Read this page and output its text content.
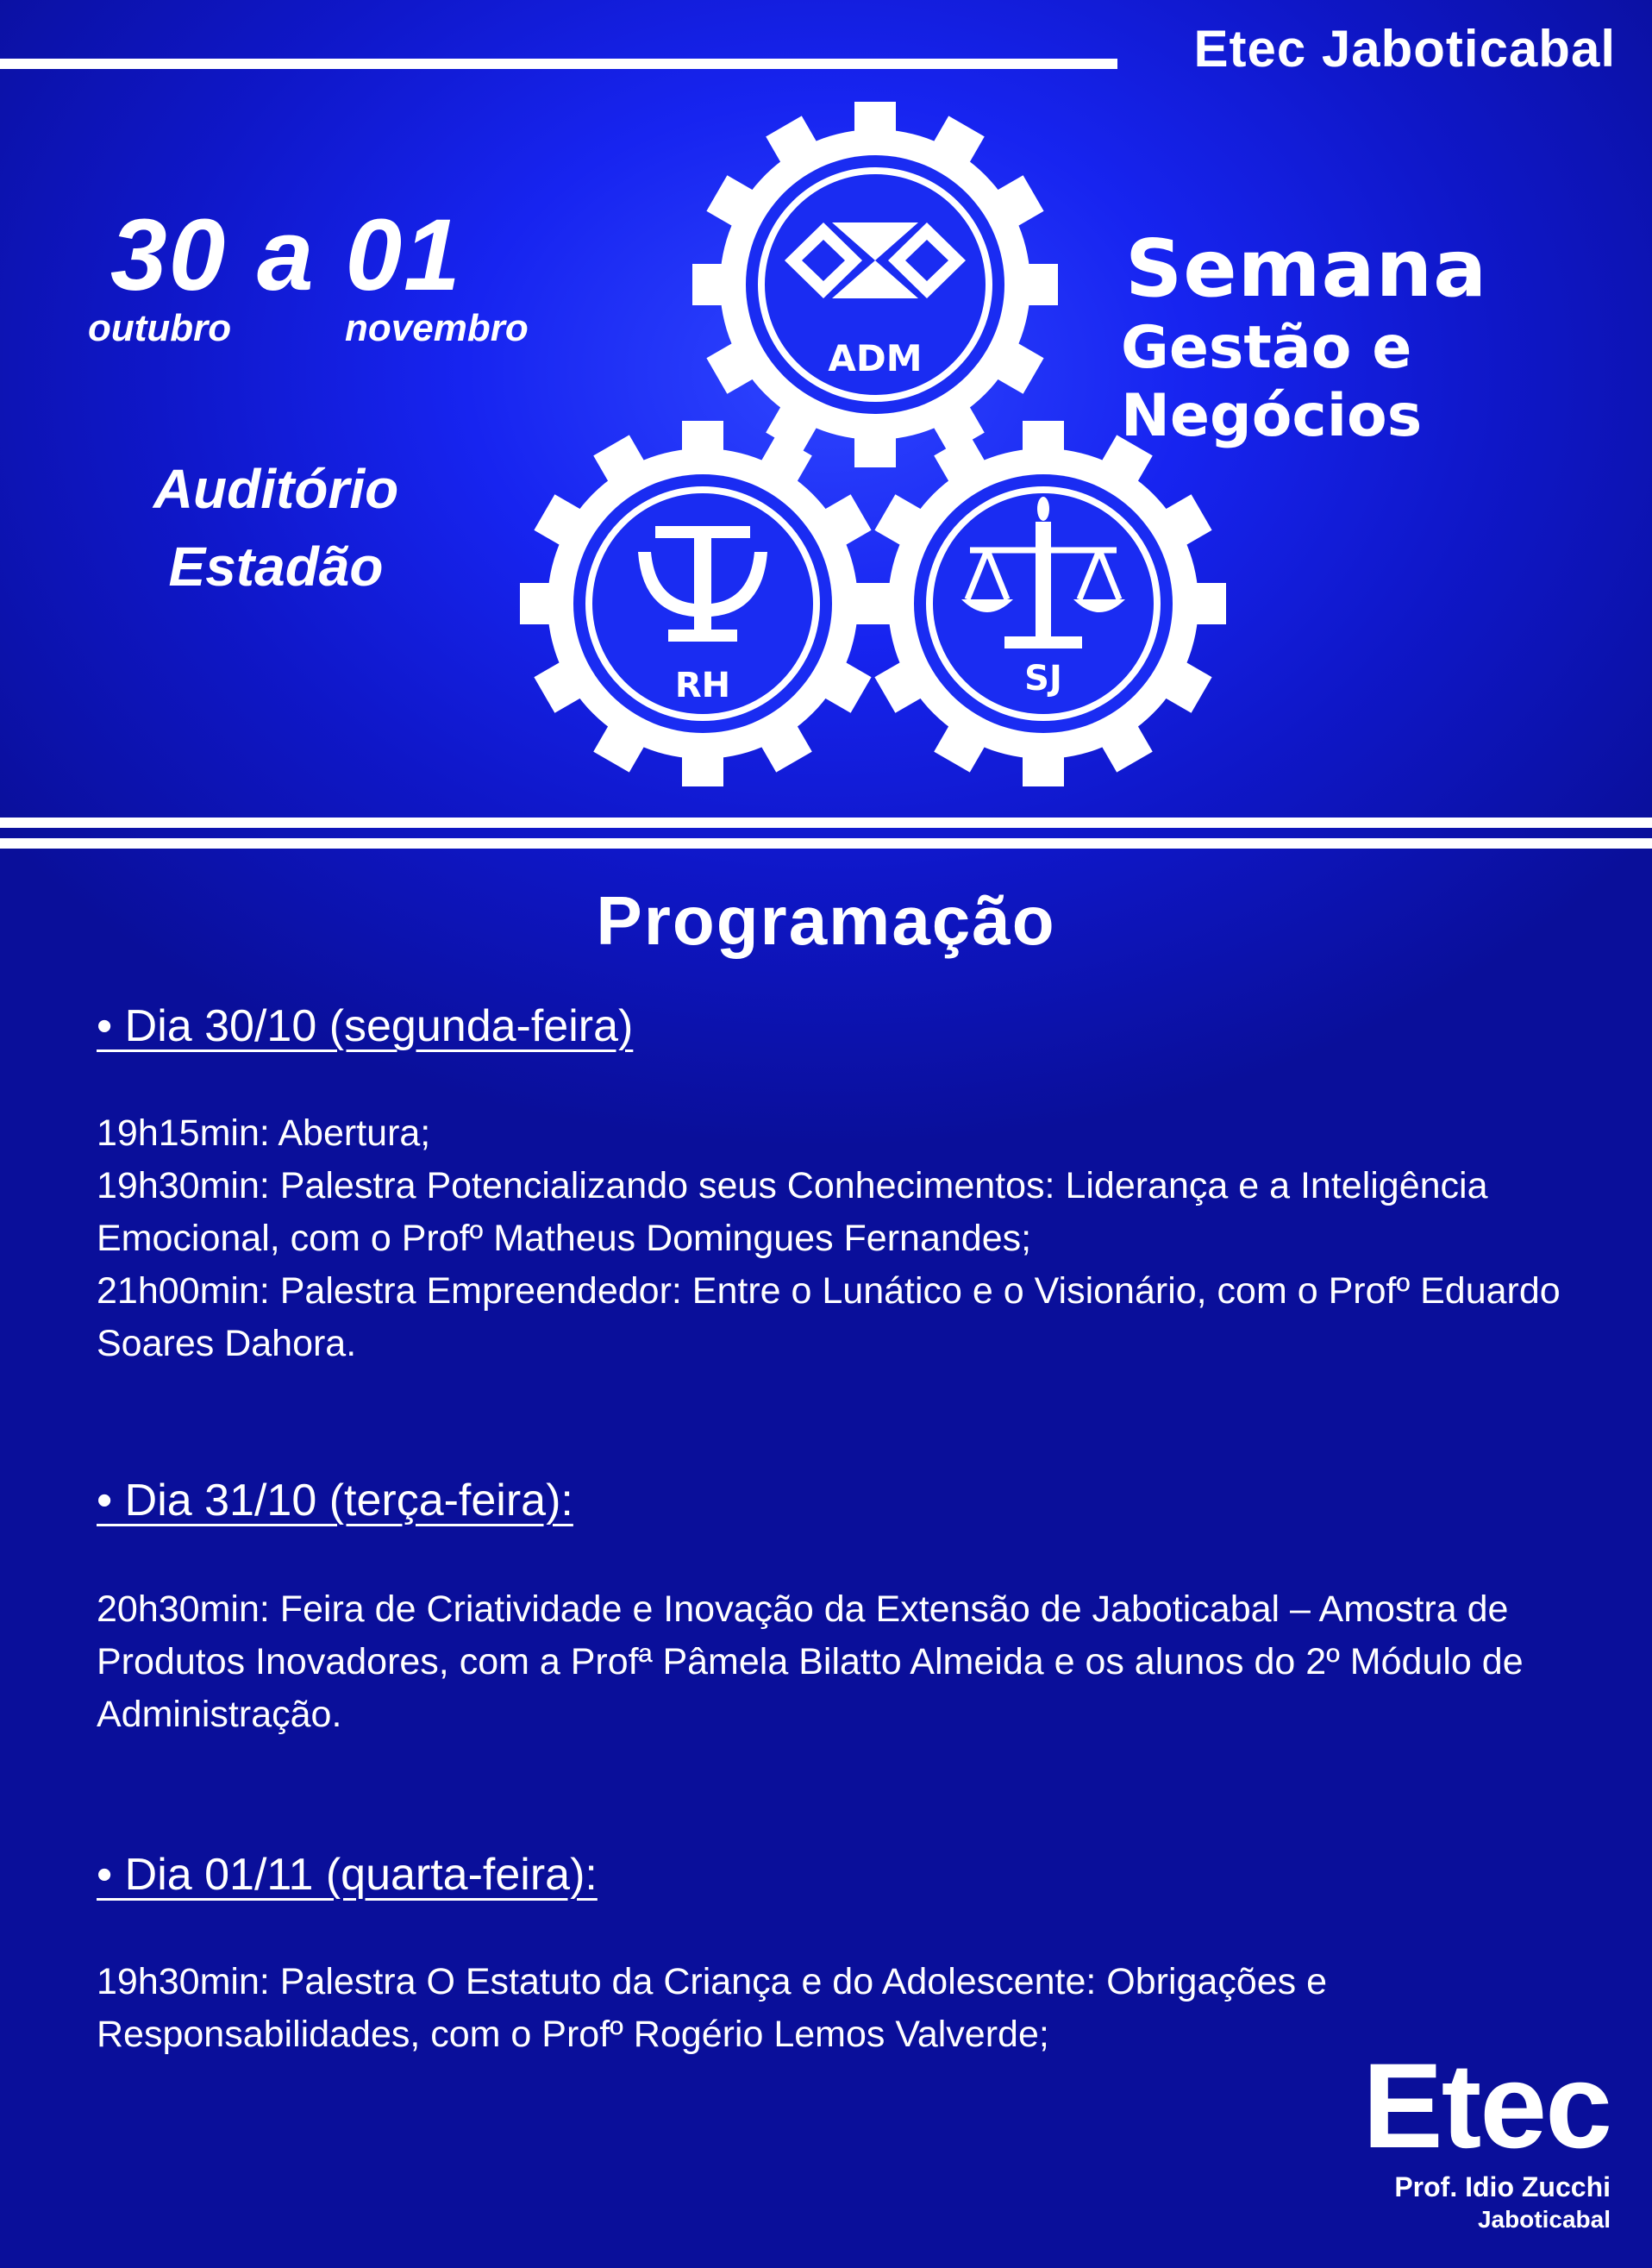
Etec Jaboticabal
30 a 01
outubro	novembro
Auditório
Estadão
Semana
Gestão e Negócios
ADM
RH	SJ
Programação
• Dia 30/10 (segunda-feira)

19h15min: Abertura;

19h30min: Palestra Potencializando seus Conhecimentos: Liderança e a Inteligência Emocional, com o Profº Matheus Domingues Fernandes;

21h00min: Palestra Empreendedor: Entre o Lunático e o Visionário, com o Profº Eduardo Soares Dahora.

• Dia 31/10 (terça-feira):

20h30min: Feira de Criatividade e Inovação da Extensão de Jaboticabal – Amostra de Produtos Inovadores, com a Profª Pâmela Bilatto Almeida e os alunos do 2º Módulo de Administração.

• Dia 01/11 (quarta-feira):

19h30min: Palestra O Estatuto da Criança e do Adolescente: Obrigações e Responsabilidades, com o Profº Rogério Lemos Valverde;

Etec
Prof. Idio Zucchi
Jaboticabal
